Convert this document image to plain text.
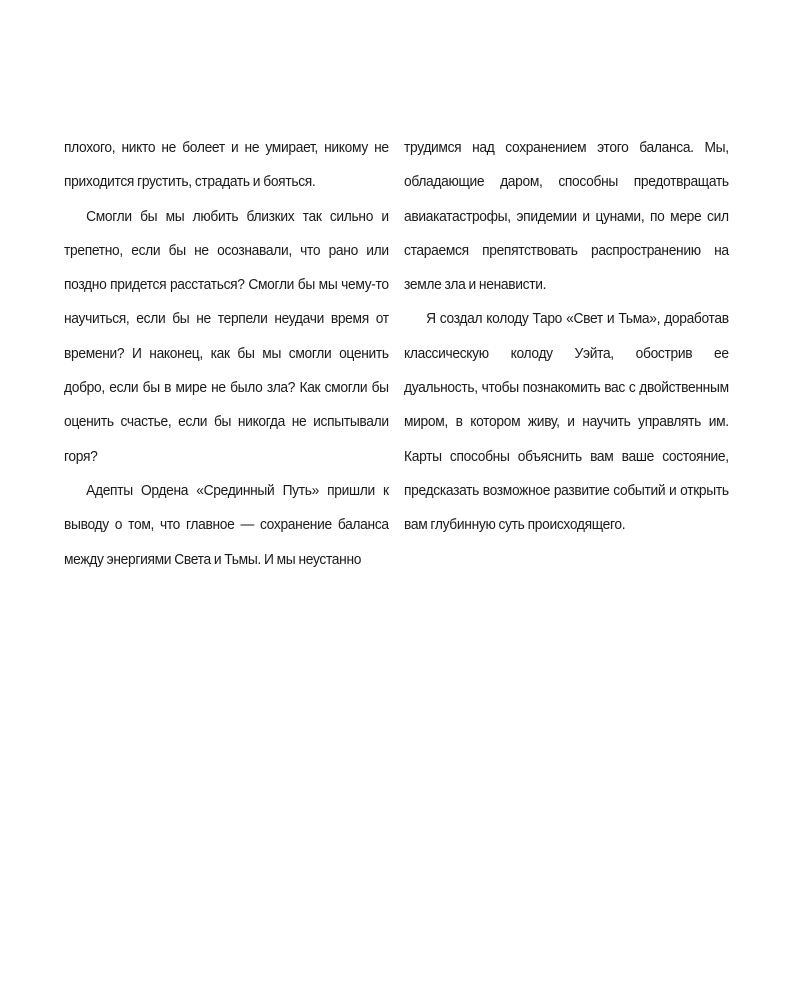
плохого, никто не болеет и не умирает, никому не приходится грустить, страдать и бояться.

Смогли бы мы любить близких так сильно и трепетно, если бы не осознавали, что рано или поздно придется расстаться? Смогли бы мы чему-то научиться, если бы не терпели неудачи время от времени? И наконец, как бы мы смогли оценить добро, если бы в мире не было зла? Как смогли бы оценить счастье, если бы никогда не испытывали горя?

Адепты Ордена «Срединный Путь» пришли к выводу о том, что главное — сохранение баланса между энергиями Света и Тьмы. И мы неустанно

трудимся над сохранением этого баланса. Мы, обладающие даром, способны предотвращать авиакатастрофы, эпидемии и цунами, по мере сил стараемся препятствовать распространению на земле зла и ненависти.

Я создал колоду Таро «Свет и Тьма», доработав классическую колоду Уэйта, обострив ее дуальность, чтобы познакомить вас с двойственным миром, в котором живу, и научить управлять им. Карты способны объяснить вам ваше состояние, предсказать возможное развитие событий и открыть вам глубинную суть происходящего.
